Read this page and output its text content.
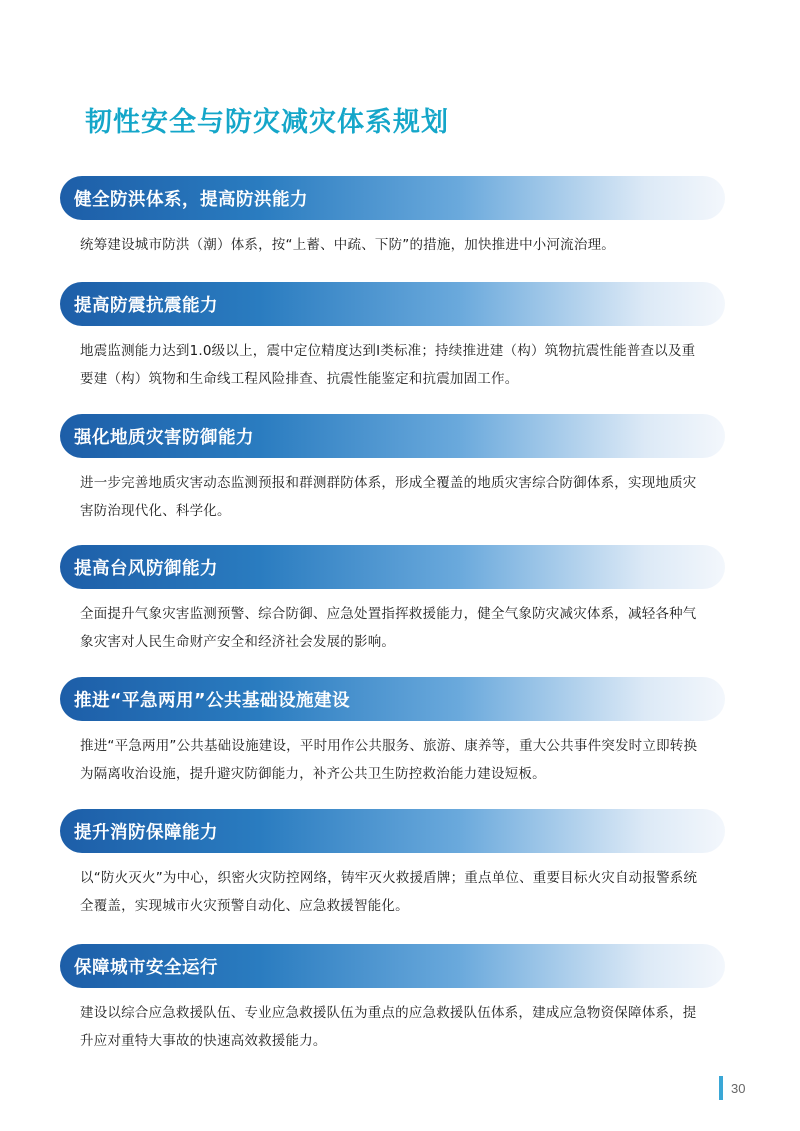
韧性安全与防灾减灾体系规划
健全防洪体系，提高防洪能力
统筹建设城市防洪（潮）体系，按“上蓄、中疏、下防”的措施，加快推进中小河流治理。
提高防震抗震能力
地震监测能力达到1.0级以上，震中定位精度达到Ⅰ类标准；持续推进建（构）筑物抗震性能普查以及重要建（构）筑物和生命线工程风险排查、抗震性能鉴定和抗震加固工作。
强化地质灾害防御能力
进一步完善地质灾害动态监测预报和群测群防体系，形成全覆盖的地质灾害综合防御体系，实现地质灾害防治现代化、科学化。
提高台风防御能力
全面提升气象灾害监测预警、综合防御、应急处置指挥救援能力，健全气象防灾减灾体系，减轻各种气象灾害对人民生命财产安全和经济社会发展的影响。
推进“平急两用”公共基础设施建设
推进“平急两用”公共基础设施建设，平时用作公共服务、旅游、康养等，重大公共事件突发时立即转换为隔离收治设施，提升避灾防御能力，补齐公共卫生防控救治能力建设短板。
提升消防保障能力
以“防火灭火”为中心，织密火灾防控网络，铸牢灭火救援盾牌；重点单位、重要目标火灾自动报警系统全覆盖，实现城市火灾预警自动化、应急救援智能化。
保障城市安全运行
建设以综合应急救援队伍、专业应急救援队伍为重点的应急救援队伍体系，建成应急物资保障体系，提升应对重特大事故的快速高效救援能力。
30
